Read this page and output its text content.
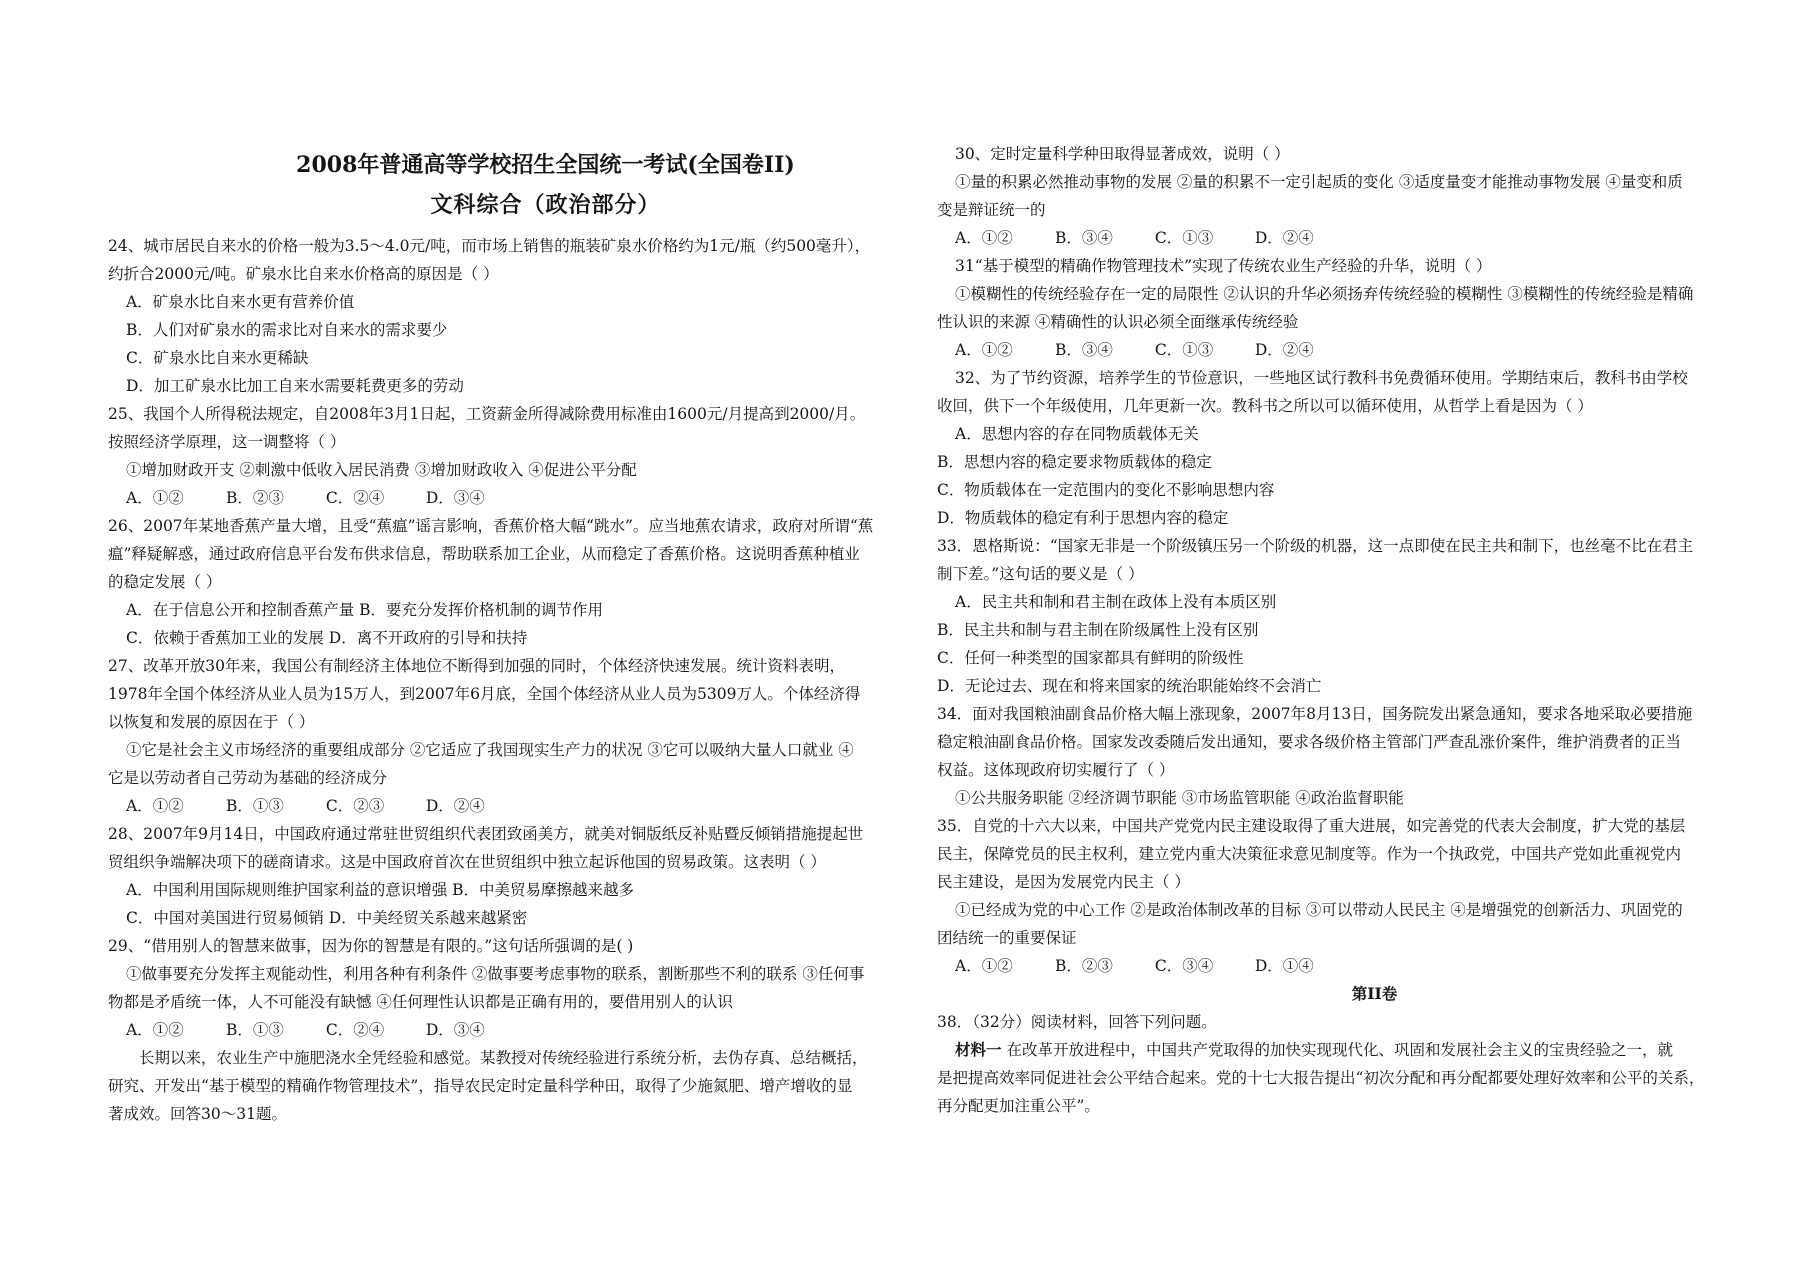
2008年普通高等学校招生全国统一考试(全国卷II)

文科综合（政治部分）

24、城市居民自来水的价格一般为3.5～4.0元/吨，而市场上销售的瓶装矿泉水价格约为1元/瓶（约500毫升），

约折合2000元/吨。矿泉水比自来水价格高的原因是（ ）

A．矿泉水比自来水更有营养价值

B．人们对矿泉水的需求比对自来水的需求要少

C．矿泉水比自来水更稀缺

D．加工矿泉水比加工自来水需要耗费更多的劳动

25、我国个人所得税法规定，自2008年3月1日起，工资薪金所得减除费用标准由1600元/月提高到2000/月。

按照经济学原理，这一调整将（ ）

①增加财政开支 ②刺激中低收入居民消费 ③增加财政收入 ④促进公平分配

A．①②	B．②③	C．②④	D．③④

26、2007年某地香蕉产量大增，且受“蕉瘟”谣言影响，香蕉价格大幅“跳水”。应当地蕉农请求，政府对所谓“蕉

瘟”释疑解惑，通过政府信息平台发布供求信息，帮助联系加工企业，从而稳定了香蕉价格。这说明香蕉种植业

的稳定发展（ ）

A．在于信息公开和控制香蕉产量 B．要充分发挥价格机制的调节作用

C．依赖于香蕉加工业的发展 D．离不开政府的引导和扶持

27、改革开放30年来，我国公有制经济主体地位不断得到加强的同时，个体经济快速发展。统计资料表明，

1978年全国个体经济从业人员为15万人，到2007年6月底，全国个体经济从业人员为5309万人。个体经济得

以恢复和发展的原因在于（ ）

①它是社会主义市场经济的重要组成部分 ②它适应了我国现实生产力的状况 ③它可以吸纳大量人口就业 ④

它是以劳动者自己劳动为基础的经济成分

A．①②	B．①③	C．②③	D．②④

28、2007年9月14日，中国政府通过常驻世贸组织代表团致函美方，就美对铜版纸反补贴暨反倾销措施提起世

贸组织争端解决项下的磋商请求。这是中国政府首次在世贸组织中独立起诉他国的贸易政策。这表明（ ）

A．中国利用国际规则维护国家利益的意识增强 B．中美贸易摩擦越来越多

C．中国对美国进行贸易倾销 D．中美经贸关系越来越紧密

29、“借用别人的智慧来做事，因为你的智慧是有限的。”这句话所强调的是( )

①做事要充分发挥主观能动性，利用各种有利条件 ②做事要考虑事物的联系，割断那些不利的联系 ③任何事

物都是矛盾统一体，人不可能没有缺憾 ④任何理性认识都是正确有用的，要借用别人的认识

A．①②	B．①③	C．②④	D．③④

长期以来，农业生产中施肥浇水全凭经验和感觉。某教授对传统经验进行系统分析，去伪存真、总结概括，

研究、开发出“基于模型的精确作物管理技术”，指导农民定时定量科学种田，取得了少施氮肥、增产增收的显

著成效。回答30～31题。

30、定时定量科学种田取得显著成效，说明（ ）

①量的积累必然推动事物的发展 ②量的积累不一定引起质的变化 ③适度量变才能推动事物发展 ④量变和质

变是辩证统一的

A．①②	B．③④	C．①③	D．②④

31“基于模型的精确作物管理技术”实现了传统农业生产经验的升华，说明（ ）

①模糊性的传统经验存在一定的局限性 ②认识的升华必须扬弃传统经验的模糊性 ③模糊性的传统经验是精确

性认识的来源 ④精确性的认识必须全面继承传统经验

A．①②	B．③④	C．①③	D．②④

32、为了节约资源，培养学生的节俭意识，一些地区试行教科书免费循环使用。学期结束后，教科书由学校

收回，供下一个年级使用，几年更新一次。教科书之所以可以循环使用，从哲学上看是因为（ ）

A．思想内容的存在同物质载体无关

B．思想内容的稳定要求物质载体的稳定

C．物质载体在一定范围内的变化不影响思想内容

D．物质载体的稳定有利于思想内容的稳定

33．恩格斯说：“国家无非是一个阶级镇压另一个阶级的机器，这一点即使在民主共和制下，也丝毫不比在君主

制下差。”这句话的要义是（ ）

A．民主共和制和君主制在政体上没有本质区别

B．民主共和制与君主制在阶级属性上没有区别

C．任何一种类型的国家都具有鲜明的阶级性

D．无论过去、现在和将来国家的统治职能始终不会消亡

34．面对我国粮油副食品价格大幅上涨现象，2007年8月13日，国务院发出紧急通知，要求各地采取必要措施

稳定粮油副食品价格。国家发改委随后发出通知，要求各级价格主管部门严查乱涨价案件，维护消费者的正当

权益。这体现政府切实履行了（ ）

①公共服务职能 ②经济调节职能 ③市场监管职能 ④政治监督职能

35．自党的十六大以来，中国共产党党内民主建设取得了重大进展，如完善党的代表大会制度，扩大党的基层

民主，保障党员的民主权利，建立党内重大决策征求意见制度等。作为一个执政党，中国共产党如此重视党内

民主建设，是因为发展党内民主（ ）

①已经成为党的中心工作 ②是政治体制改革的目标 ③可以带动人民民主 ④是增强党的创新活力、巩固党的

团结统一的重要保证

A．①②	B．②③	C．③④	D．①④

第II卷

38．（32分）阅读材料，回答下列问题。

材料一 在改革开放进程中，中国共产党取得的加快实现现代化、巩固和发展社会主义的宝贵经验之一，就

是把提高效率同促进社会公平结合起来。党的十七大报告提出“初次分配和再分配都要处理好效率和公平的关系，

再分配更加注重公平”。
